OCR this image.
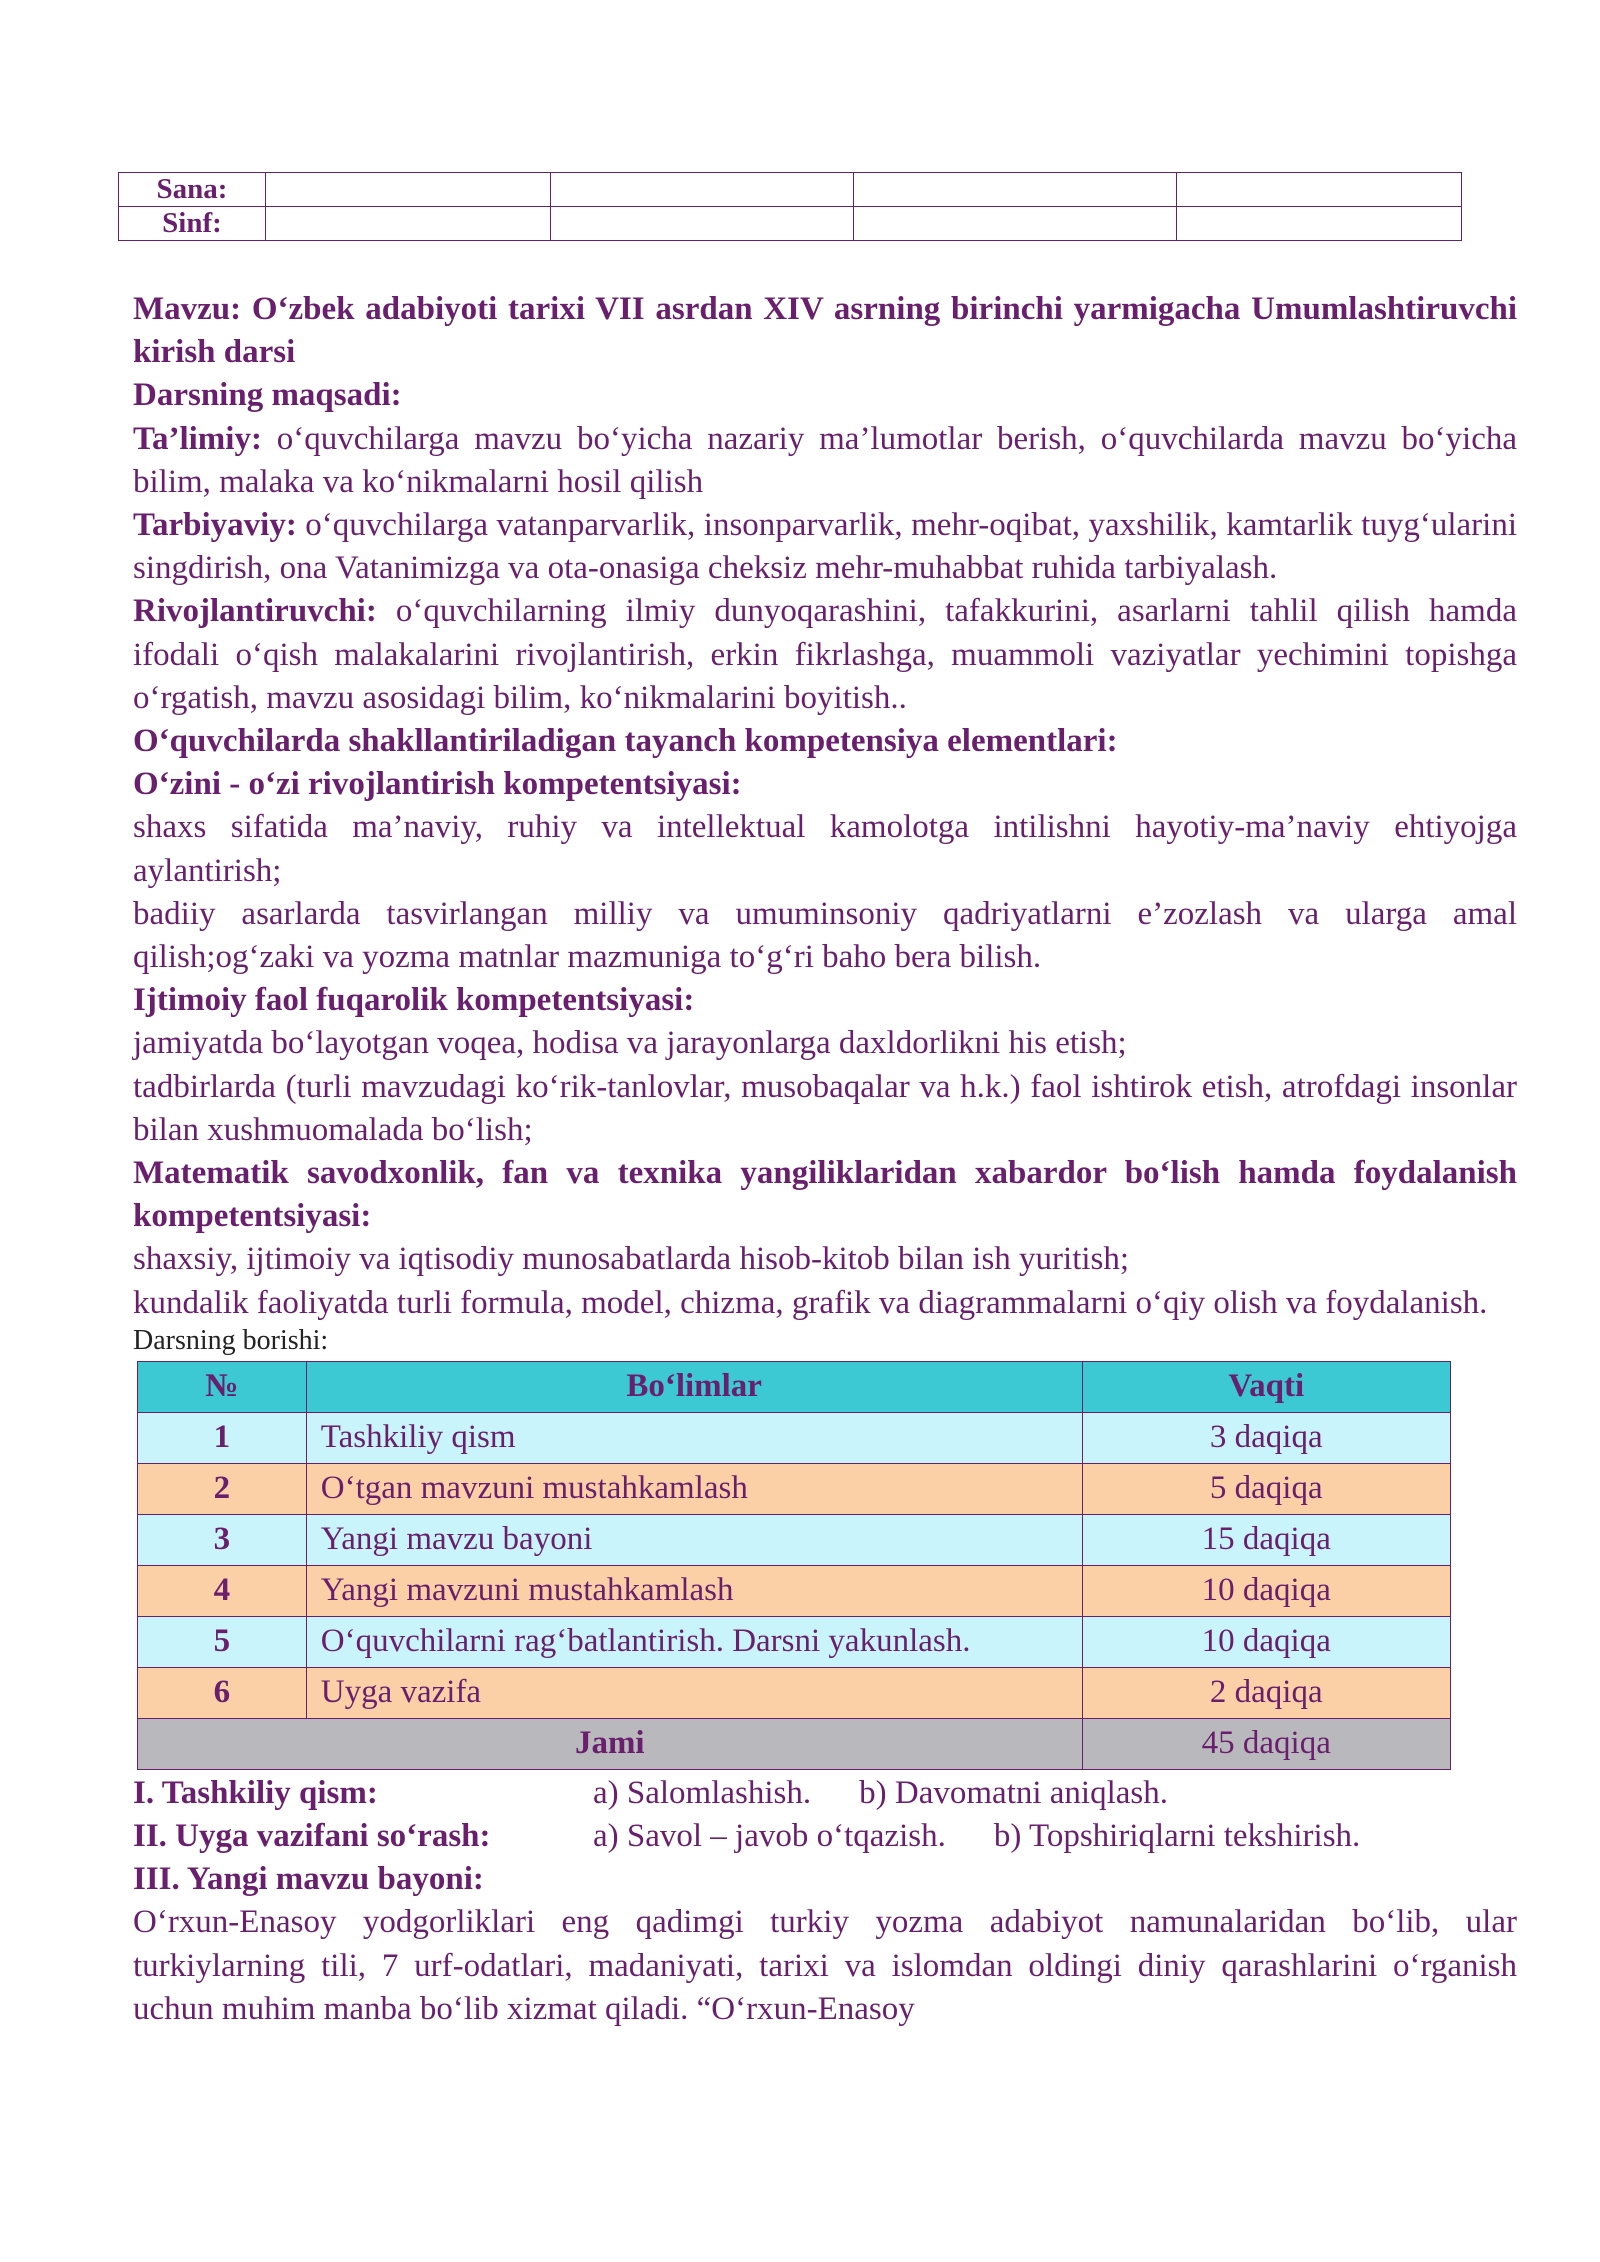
Sana:				
Sinf:				

Mavzu: O‘zbek adabiyoti tarixi VII asrdan XIV asrning birinchi yarmigacha Umumlashtiruvchi kirish darsi

Darsning maqsadi:

Ta’limiy: o‘quvchilarga mavzu bo‘yicha nazariy ma’lumotlar berish, o‘quvchilarda mavzu bo‘yicha bilim, malaka va ko‘nikmalarni hosil qilish

Tarbiyaviy: o‘quvchilarga vatanparvarlik, insonparvarlik, mehr-oqibat, yaxshilik, kamtarlik tuyg‘ularini singdirish, ona Vatanimizga va ota-onasiga cheksiz mehr-muhabbat ruhida tarbiyalash.

Rivojlantiruvchi: o‘quvchilarning ilmiy dunyoqarashini, tafakkurini, asarlarni tahlil qilish hamda ifodali o‘qish malakalarini rivojlantirish, erkin fikrlashga, muammoli vaziyatlar yechimini topishga o‘rgatish, mavzu asosidagi bilim, ko‘nikmalarini boyitish..

O‘quvchilarda shakllantiriladigan tayanch kompetensiya elementlari:

O‘zini - o‘zi rivojlantirish kompetentsiyasi:

shaxs sifatida ma’naviy, ruhiy va intellektual kamolotga intilishni hayotiy-ma’naviy ehtiyojga aylantirish;

badiiy asarlarda tasvirlangan milliy va umuminsoniy qadriyatlarni e’zozlash va ularga amal qilish;og‘zaki va yozma matnlar mazmuniga to‘g‘ri baho bera bilish.

Ijtimoiy faol fuqarolik kompetentsiyasi:

jamiyatda bo‘layotgan voqea, hodisa va jarayonlarga daxldorlikni his etish;

tadbirlarda (turli mavzudagi ko‘rik-tanlovlar, musobaqalar va h.k.) faol ishtirok etish, atrofdagi insonlar bilan xushmuomalada bo‘lish;

Matematik savodxonlik, fan va texnika yangiliklaridan xabardor bo‘lish hamda foydalanish kompetentsiyasi:

shaxsiy, ijtimoiy va iqtisodiy munosabatlarda hisob-kitob bilan ish yuritish;

kundalik faoliyatda turli formula, model, chizma, grafik va diagrammalarni o‘qiy olish va foydalanish.

Darsning borishi:

№	Bo‘limlar	Vaqti
1	Tashkiliy qism	3 daqiqa
2	O‘tgan mavzuni mustahkamlash	5 daqiqa
3	Yangi mavzu bayoni	15 daqiqa
4	Yangi mavzuni mustahkamlash	10 daqiqa
5	O‘quvchilarni rag‘batlantirish. Darsni yakunlash.	10 daqiqa
6	Uyga vazifa	2 daqiqa
Jami		45 daqiqa
I. Tashkiliy qism:	a) Salomlashish. b) Davomatni aniqlash.
II. Uyga vazifani so‘rash:	a) Savol – javob o‘tqazish. b) Topshiriqlarni tekshirish.

III. Yangi mavzu bayoni:

O‘rxun-Enasoy yodgorliklari eng qadimgi turkiy yozma adabiyot namunalaridan bo‘lib, ular turkiylarning tili, 7 urf-odatlari, madaniyati, tarixi va islomdan oldingi diniy qarashlarini o‘rganish uchun muhim manba bo‘lib xizmat qiladi. “O‘rxun-Enasoy
